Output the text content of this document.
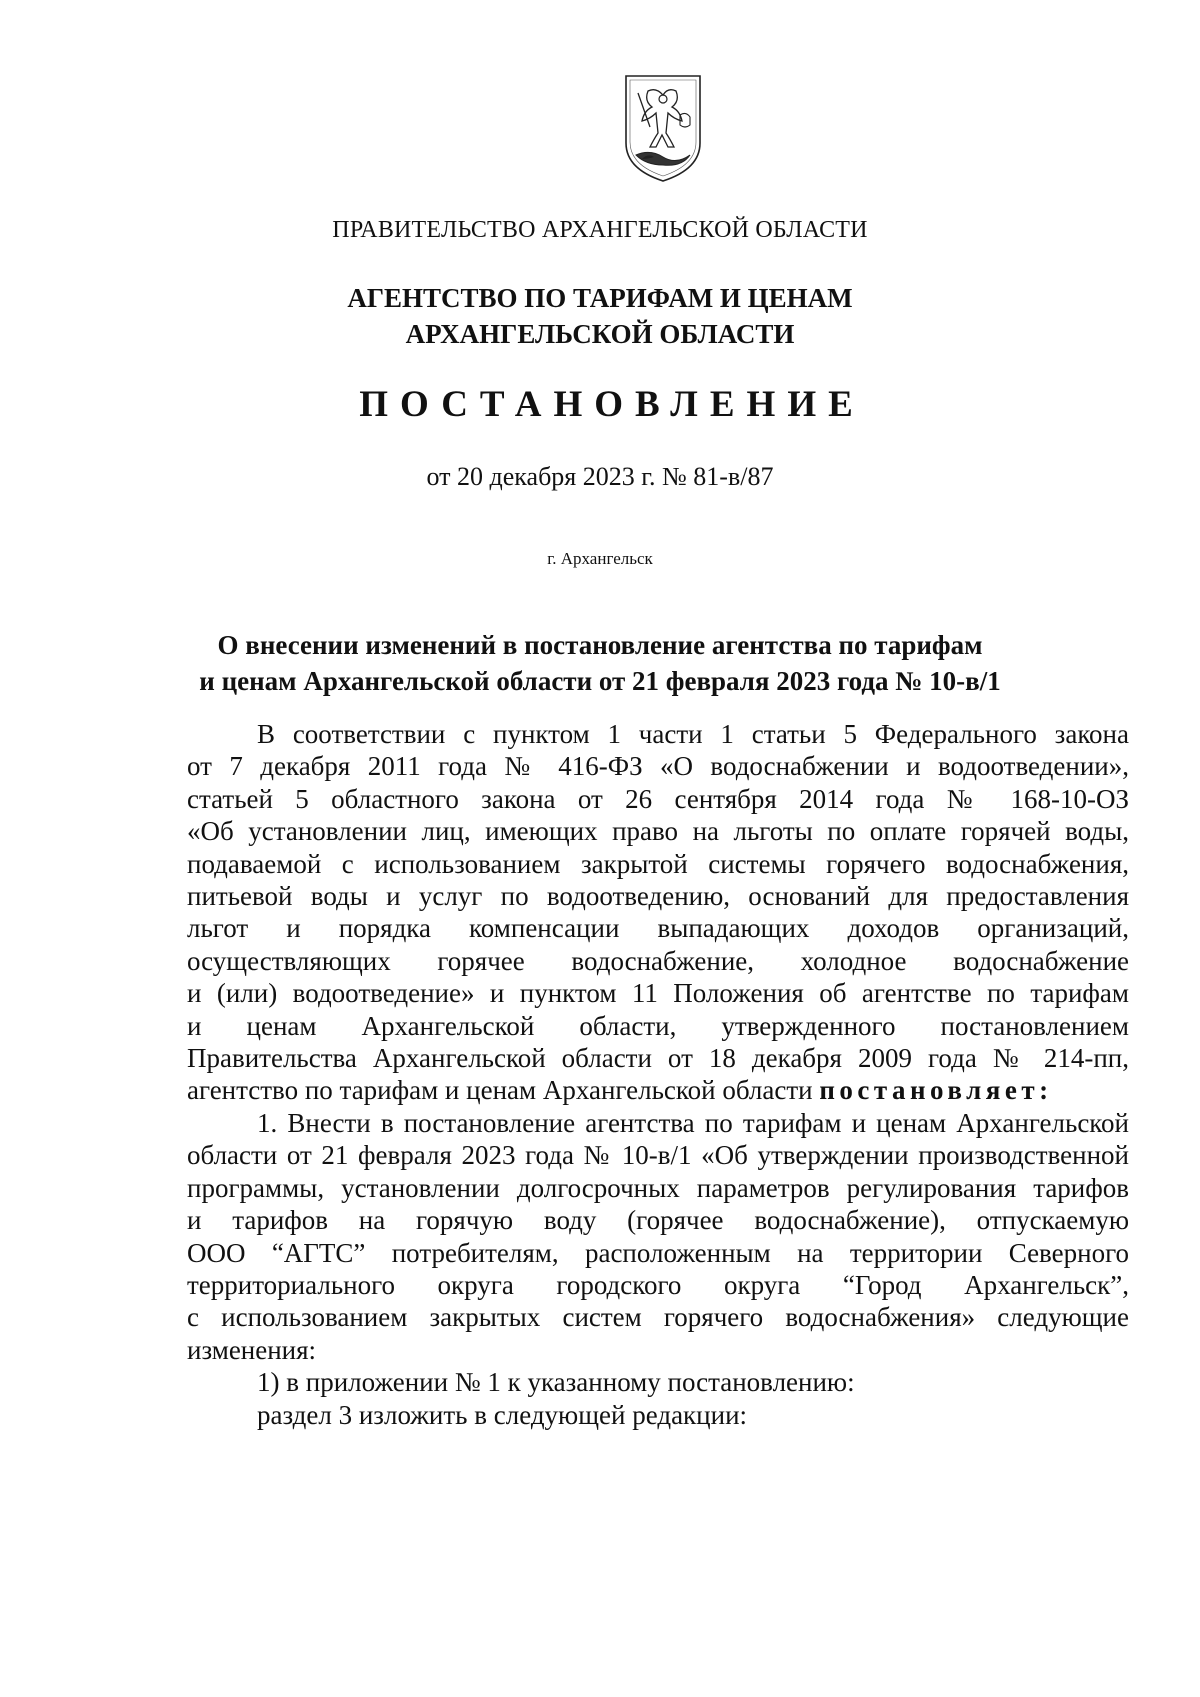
ПРАВИТЕЛЬСТВО АРХАНГЕЛЬСКОЙ ОБЛАСТИ
АГЕНТСТВО ПО ТАРИФАМ И ЦЕНАМ
АРХАНГЕЛЬСКОЙ ОБЛАСТИ
ПОСТАНОВЛЕНИЕ
от 20 декабря 2023 г. № 81-в/87
г. Архангельск
О внесении изменений в постановление агентства по тарифам
и ценам Архангельской области от 21 февраля 2023 года № 10-в/1

В соответствии с пунктом 1 части 1 статьи 5 Федерального закона

от 7 декабря 2011 года № 416-ФЗ «О водоснабжении и водоотведении»,

статьей 5 областного закона от 26 сентября 2014 года № 168-10-ОЗ

«Об установлении лиц, имеющих право на льготы по оплате горячей воды,

подаваемой с использованием закрытой системы горячего водоснабжения,

питьевой воды и услуг по водоотведению, оснований для предоставления

льгот и порядка компенсации выпадающих доходов организаций,

осуществляющих горячее водоснабжение, холодное водоснабжение

и (или) водоотведение» и пунктом 11 Положения об агентстве по тарифам

и ценам Архангельской области, утвержденного постановлением

Правительства Архангельской области от 18 декабря 2009 года № 214-пп,

агентство по тарифам и ценам Архангельской области постановляет:

1. Внести в постановление агентства по тарифам и ценам Архангельской

области от 21 февраля 2023 года № 10-в/1 «Об утверждении производственной

программы, установлении долгосрочных параметров регулирования тарифов

и тарифов на горячую воду (горячее водоснабжение), отпускаемую

ООО “АГТС” потребителям, расположенным на территории Северного

территориального округа городского округа “Город Архангельск”,

с использованием закрытых систем горячего водоснабжения» следующие

изменения:

1) в приложении № 1 к указанному постановлению:

раздел 3 изложить в следующей редакции:
